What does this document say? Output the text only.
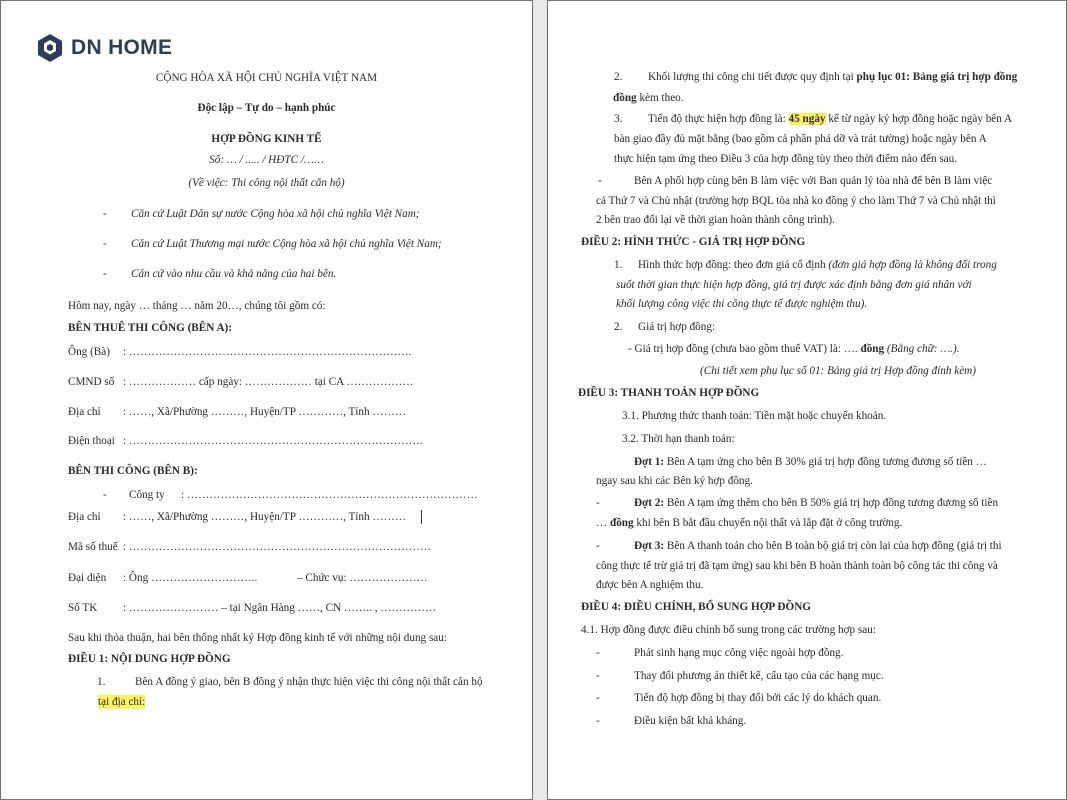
DN HOME
CỘNG HÒA XÃ HỘI CHỦ NGHĨA VIỆT NAM
Độc lập – Tự do – hạnh phúc
HỢP ĐỒNG KINH TẾ
Số: … / ..... / HĐTC /……
(Về việc: Thi công nội thất căn hộ)
- Căn cứ Luật Dân sự nước Cộng hòa xã hội chủ nghĩa Việt Nam;
- Căn cứ Luật Thương mại nước Cộng hòa xã hội chủ nghĩa Việt Nam;
- Căn cứ vào nhu cầu và khả năng của hai bên.
Hôm nay, ngày … tháng … năm 20…, chúng tôi gồm có:
BÊN THUÊ THI CÔNG (BÊN A):
Ông (Bà) : ………………………………………………………………….
CMND số : ……………… cấp ngày: ……………… tại CA ………………
Địa chỉ : ……, Xã/Phường ………, Huyện/TP …………, Tỉnh ………
Điện thoại : …………………………………………………………………….
BÊN THI CÔNG (BÊN B):
- Công ty : ……………………………………………………………………
Địa chỉ : ……, Xã/Phường ………, Huyện/TP …………, Tỉnh ………
Mã số thuế : ………………………………………………………………………
Đại diện : Ông ………………………..	– Chức vụ: …………………
Số TK : …………………… – tại Ngân Hàng ……, CN …….. , ……………
Sau khi thỏa thuận, hai bên thống nhất ký Hợp đồng kinh tế với những nội dung sau:
ĐIỀU 1: NỘI DUNG HỢP ĐỒNG
1.	Bên A đồng ý giao, bên B đồng ý nhận thực hiện việc thi công nội thất căn hộ
tại địa chỉ:
2. Khối lượng thi công chi tiết được quy định tại phụ lục 01: Bảng giá trị hợp đồng
đồng kèm theo.
3. Tiến độ thực hiện hợp đồng là: 45 ngày kể từ ngày ký hợp đồng hoặc ngày bên A
bàn giao đầy đủ mặt bằng (bao gồm cả phần phá dỡ và trát tường) hoặc ngày bên A
thực hiện tạm ứng theo Điều 3 của hợp đồng tùy theo thời điểm nào đến sau.
-	Bên A phối hợp cùng bên B làm việc với Ban quản lý tòa nhà để bên B làm việc
cả Thứ 7 và Chủ nhật (trường hợp BQL tòa nhà ko đồng ý cho làm Thứ 7 và Chủ nhật thì
2 bên trao đổi lại về thời gian hoàn thành công trình).
ĐIỀU 2: HÌNH THỨC - GIÁ TRỊ HỢP ĐỒNG
1. Hình thức hợp đồng: theo đơn giá cố định (đơn giá hợp đồng là không đổi trong
suốt thời gian thực hiện hợp đồng, giá trị được xác định bằng đơn giá nhân với
khối lượng công việc thi công thực tế được nghiệm thu).
2. Giá trị hợp đồng:
- Giá trị hợp đồng (chưa bao gồm thuế VAT) là: …. đồng (Bằng chữ: ….).
(Chi tiết xem phụ lục số 01: Bảng giá trị Hợp đồng đính kèm)
ĐIỀU 3: THANH TOÁN HỢP ĐỒNG
3.1. Phương thức thanh toán: Tiền mặt hoặc chuyển khoản.
3.2. Thời hạn thanh toán:
Đợt 1: Bên A tạm ứng cho bên B 30% giá trị hợp đồng tương đương số tiền …
ngay sau khi các Bên ký hợp đồng.
-	Đợt 2: Bên A tạm ứng thêm cho bên B 50% giá trị hợp đồng tương đương số tiền
… đồng khi bên B bắt đầu chuyển nội thất và lắp đặt ở công trường.
-	Đợt 3: Bên A thanh toán cho bên B toàn bộ giá trị còn lại của hợp đồng (giá trị thi
công thực tế trừ giá trị đã tạm ứng) sau khi bên B hoàn thành toàn bộ công tác thi công và
được bên A nghiệm thu.
ĐIỀU 4: ĐIỀU CHỈNH, BỔ SUNG HỢP ĐỒNG
4.1. Hợp đồng được điều chỉnh bổ sung trong các trường hợp sau:
-	Phát sinh hạng mục công việc ngoài hợp đồng.
-	Thay đổi phương án thiết kế, cấu tạo của các hạng mục.
-	Tiến độ hợp đồng bị thay đổi bởi các lý do khách quan.
-	Điều kiện bất khả kháng.
